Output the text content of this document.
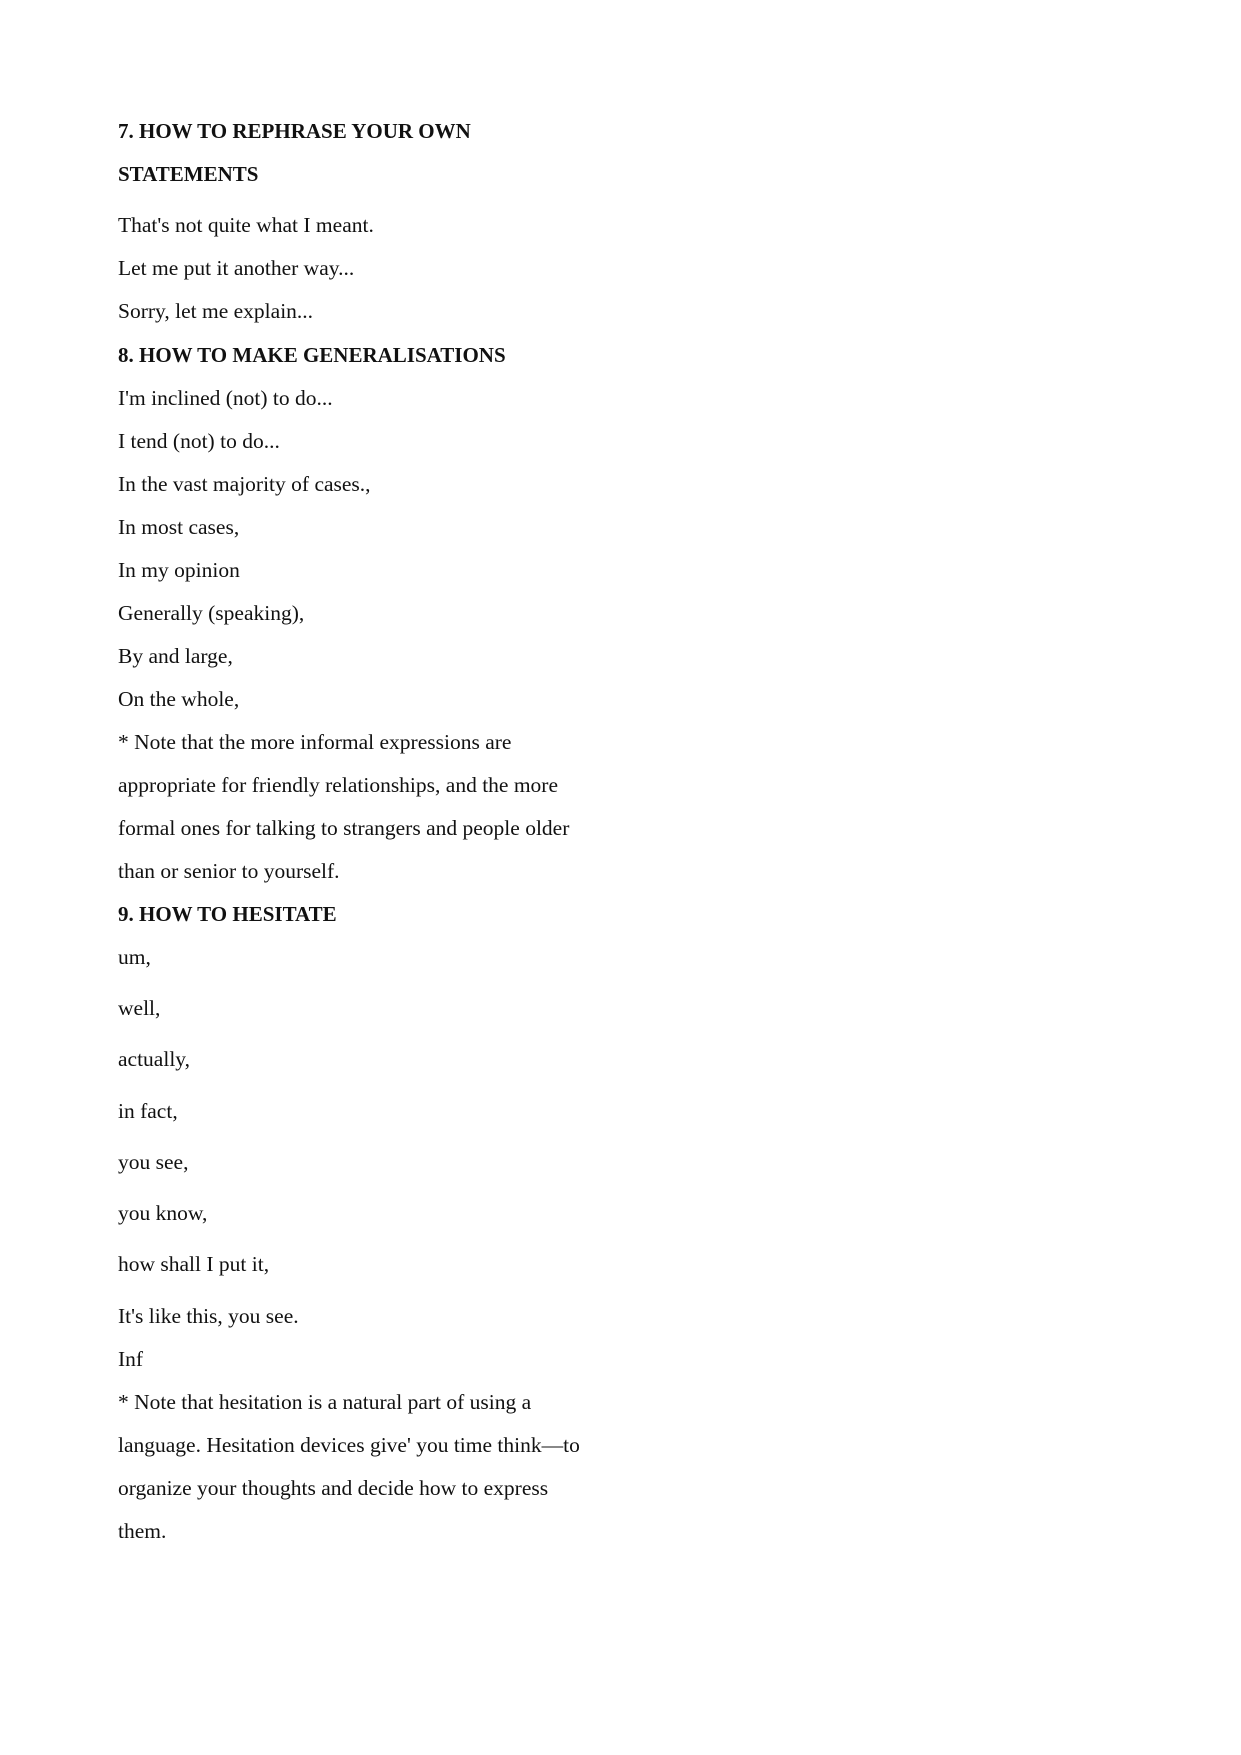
7. HOW TO REPHRASE YOUR OWN

STATEMENTS

That's not quite what I meant.

Let me put it another way...

Sorry, let me explain...

8. HOW TO MAKE GENERALISATIONS

I'm inclined (not) to do...

I tend (not) to do...

In the vast majority of cases.,

In most cases,

In my opinion

Generally (speaking),

By and large,

On the whole,

* Note that the more informal expressions are

appropriate for friendly relationships, and the more

formal ones for talking to strangers and people older

than or senior to yourself.

9. HOW TO HESITATE

um,

well,

actually,

in fact,

you see,

you know,

how shall I put it,

It's like this, you see.

Inf

* Note that hesitation is a natural part of using a

language. Hesitation devices give' you time think—to

organize your thoughts and decide how to express

them.
